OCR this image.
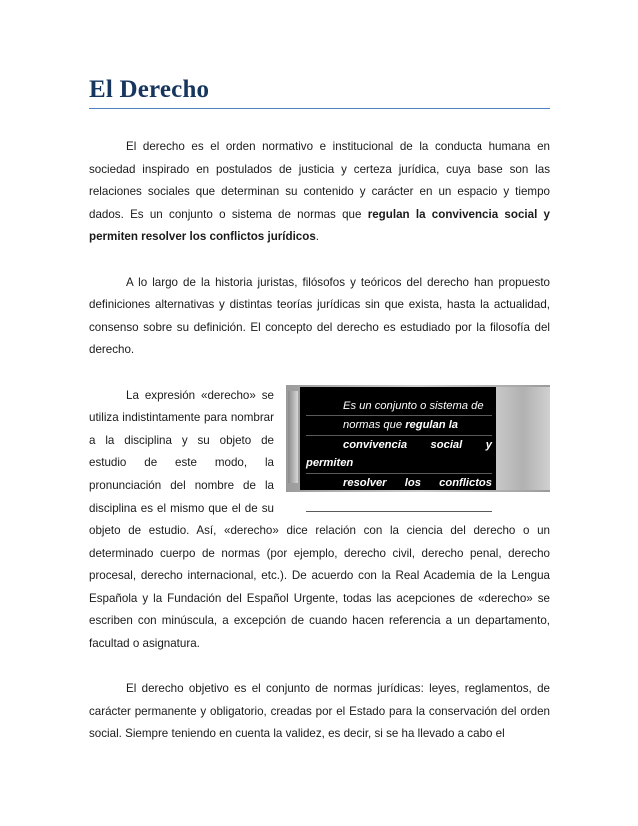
El Derecho

El derecho es el orden normativo e institucional de la conducta humana en sociedad inspirado en postulados de justicia y certeza jurídica, cuya base son las relaciones sociales que determinan su contenido y carácter en un espacio y tiempo dados. Es un conjunto o sistema de normas que regulan la convivencia social y permiten resolver los conflictos jurídicos.

A lo largo de la historia juristas, filósofos y teóricos del derecho han propuesto definiciones alternativas y distintas teorías jurídicas sin que exista, hasta la actualidad, consenso sobre su definición. El concepto del derecho es estudiado por la filosofía del derecho.

Es un conjunto o sistema de
normas que regulan la
convivencia social y permiten
resolver los conflictos jurídicos
La expresión «derecho» se utiliza indistintamente para nombrar a la disciplina y su objeto de estudio de este modo, la pronunciación del nombre de la disciplina es el mismo que el de su objeto de estudio. Así, «derecho» dice relación con la ciencia del derecho o un determinado cuerpo de normas (por ejemplo, derecho civil, derecho penal, derecho procesal, derecho internacional, etc.). De acuerdo con la Real Academia de la Lengua Española y la Fundación del Español Urgente, todas las acepciones de «derecho» se escriben con minúscula, a excepción de cuando hacen referencia a un departamento, facultad o asignatura.

El derecho objetivo es el conjunto de normas jurídicas: leyes, reglamentos, de carácter permanente y obligatorio, creadas por el Estado para la conservación del orden social. Siempre teniendo en cuenta la validez, es decir, si se ha llevado a cabo el
